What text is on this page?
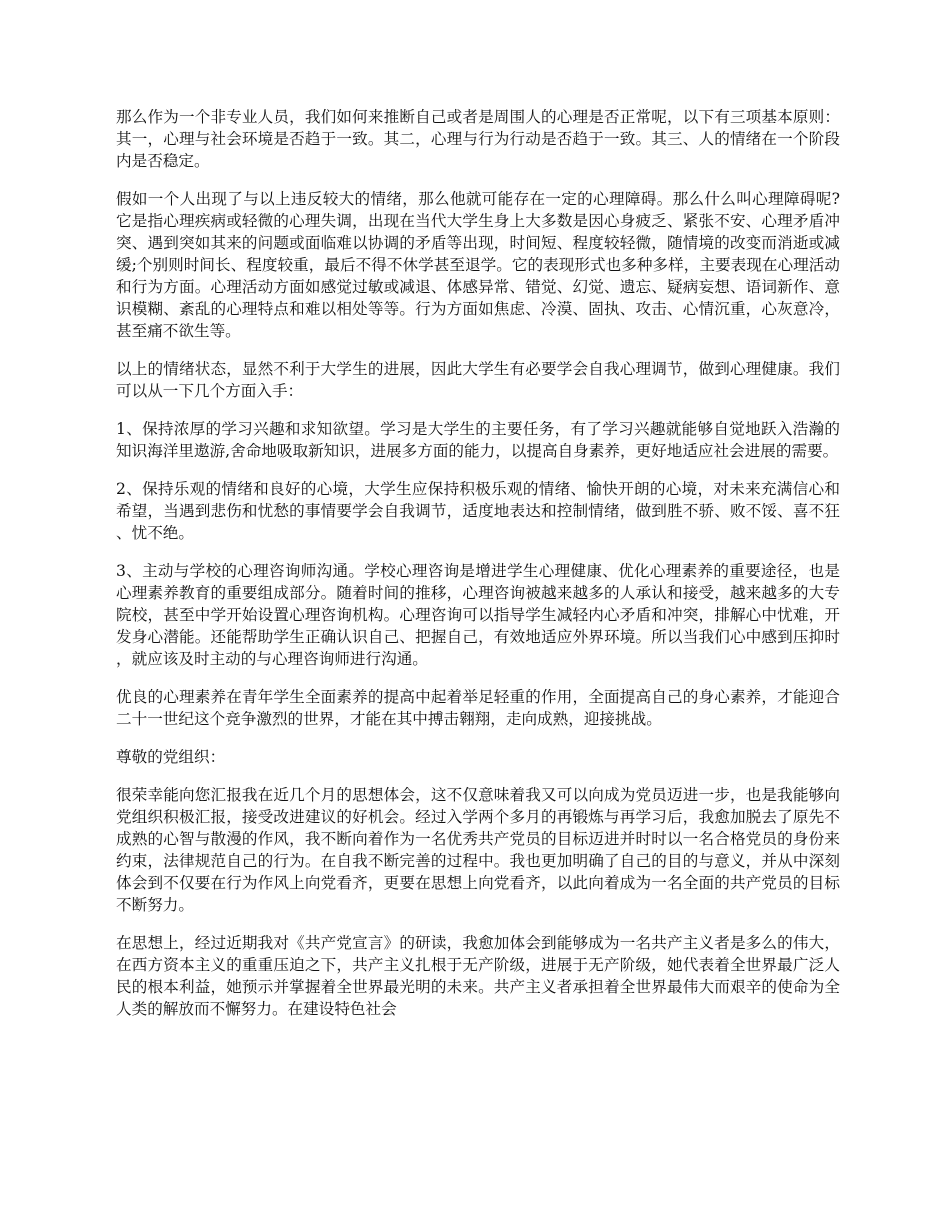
那么作为一个非专业人员，我们如何来推断自己或者是周围人的心理是否正常呢，以下有三项基本原则：其一，心理与社会环境是否趋于一致。其二，心理与行为行动是否趋于一致。其三、人的情绪在一个阶段内是否稳定。

假如一个人出现了与以上违反较大的情绪，那么他就可能存在一定的心理障碍。那么什么叫心理障碍呢?它是指心理疾病或轻微的心理失调，出现在当代大学生身上大多数是因心身疲乏、紧张不安、心理矛盾冲突、遇到突如其来的问题或面临难以协调的矛盾等出现，时间短、程度较轻微，随情境的改变而消逝或减缓;个别则时间长、程度较重，最后不得不休学甚至退学。它的表现形式也多种多样，主要表现在心理活动和行为方面。心理活动方面如感觉过敏或减退、体感异常、错觉、幻觉、遗忘、疑病妄想、语词新作、意识模糊、紊乱的心理特点和难以相处等等。行为方面如焦虑、冷漠、固执、攻击、心情沉重，心灰意冷，甚至痛不欲生等。

以上的情绪状态，显然不利于大学生的进展，因此大学生有必要学会自我心理调节，做到心理健康。我们可以从一下几个方面入手：

1、保持浓厚的学习兴趣和求知欲望。学习是大学生的主要任务，有了学习兴趣就能够自觉地跃入浩瀚的知识海洋里遨游,舍命地吸取新知识，进展多方面的能力，以提高自身素养，更好地适应社会进展的需要。

2、保持乐观的情绪和良好的心境，大学生应保持积极乐观的情绪、愉快开朗的心境，对未来充满信心和希望，当遇到悲伤和忧愁的事情要学会自我调节，适度地表达和控制情绪，做到胜不骄、败不馁、喜不狂、忧不绝。

3、主动与学校的心理咨询师沟通。学校心理咨询是增进学生心理健康、优化心理素养的重要途径，也是心理素养教育的重要组成部分。随着时间的推移，心理咨询被越来越多的人承认和接受，越来越多的大专院校，甚至中学开始设置心理咨询机构。心理咨询可以指导学生减轻内心矛盾和冲突，排解心中忧难，开发身心潜能。还能帮助学生正确认识自己、把握自己，有效地适应外界环境。所以当我们心中感到压抑时，就应该及时主动的与心理咨询师进行沟通。

优良的心理素养在青年学生全面素养的提高中起着举足轻重的作用，全面提高自己的身心素养，才能迎合二十一世纪这个竞争激烈的世界，才能在其中搏击翱翔，走向成熟，迎接挑战。

尊敬的党组织：

很荣幸能向您汇报我在近几个月的思想体会，这不仅意味着我又可以向成为党员迈进一步，也是我能够向党组织积极汇报，接受改进建议的好机会。经过入学两个多月的再锻炼与再学习后，我愈加脱去了原先不成熟的心智与散漫的作风，我不断向着作为一名优秀共产党员的目标迈进并时时以一名合格党员的身份来约束，法律规范自己的行为。在自我不断完善的过程中。我也更加明确了自己的目的与意义，并从中深刻体会到不仅要在行为作风上向党看齐，更要在思想上向党看齐，以此向着成为一名全面的共产党员的目标不断努力。

在思想上，经过近期我对《共产党宣言》的研读，我愈加体会到能够成为一名共产主义者是多么的伟大，在西方资本主义的重重压迫之下，共产主义扎根于无产阶级，进展于无产阶级，她代表着全世界最广泛人民的根本利益，她预示并掌握着全世界最光明的未来。共产主义者承担着全世界最伟大而艰辛的使命为全人类的解放而不懈努力。在建设特色社会
